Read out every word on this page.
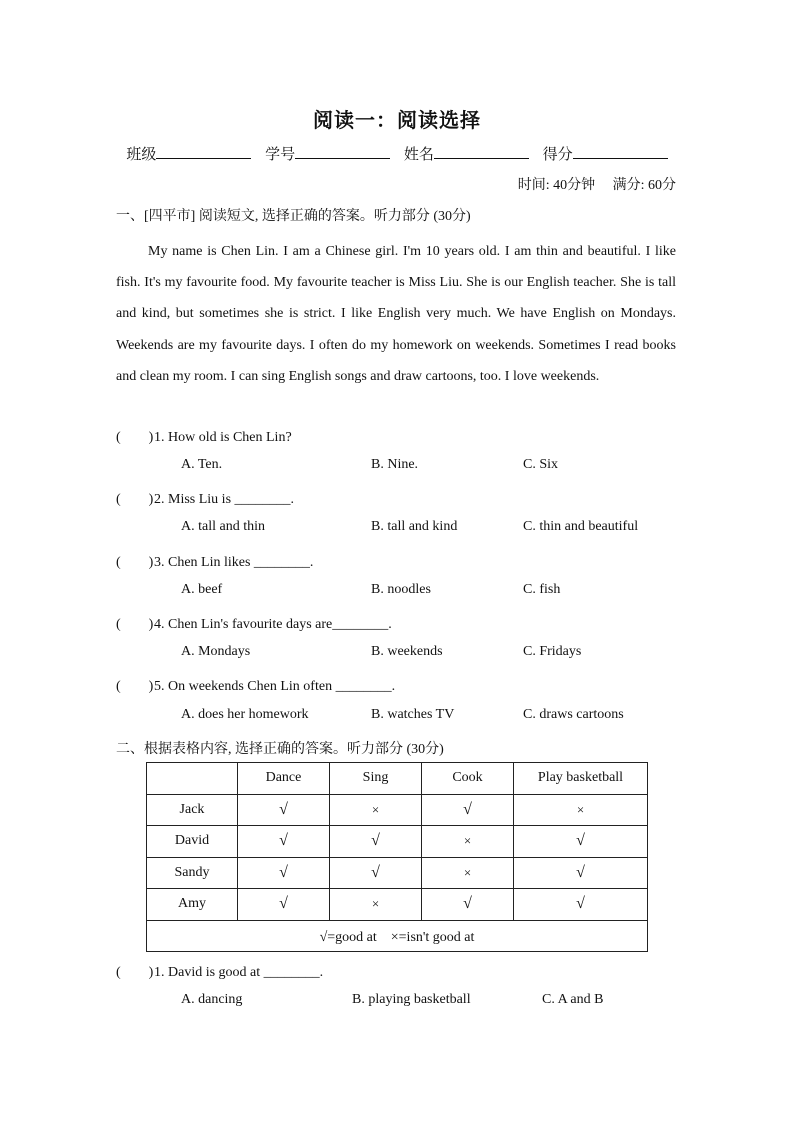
阅读一：阅读选择
班级	学号	姓名	得分
时间: 40分钟 满分: 60分
一、[四平市] 阅读短文, 选择正确的答案。听力部分 (30分)

My name is Chen Lin. I am a Chinese girl. I'm 10 years old. I am thin and beautiful. I like fish. It's my favourite food. My favourite teacher is Miss Liu. She is our English teacher. She is tall and kind, but sometimes she is strict. I like English very much. We have English on Mondays. Weekends are my favourite days. I often do my homework on weekends. Sometimes I read books and clean my room. I can sing English songs and draw cartoons, too. I love weekends.

(　　)1. How old is Chen Lin?
A. Ten.	B. Nine.	C. Six
(　　)2. Miss Liu is ________.
A. tall and thin	B. tall and kind	C. thin and beautiful
(　　)3. Chen Lin likes ________.
A. beef	B. noodles	C. fish
(　　)4. Chen Lin's favourite days are________.
A. Mondays	B. weekends	C. Fridays
(　　)5. On weekends Chen Lin often ________.
A. does her homework	B. watches TV	C. draws cartoons
二、根据表格内容, 选择正确的答案。听力部分 (30分)
	Dance	Sing	Cook	Play basketball
Jack	√	×	√	×
David	√	√	×	√
Sandy	√	√	×	√
Amy	√	×	√	√
√=good at　×=isn't good at				
(　　)1. David is good at ________.
A. dancing	B. playing basketball	C. A and B
